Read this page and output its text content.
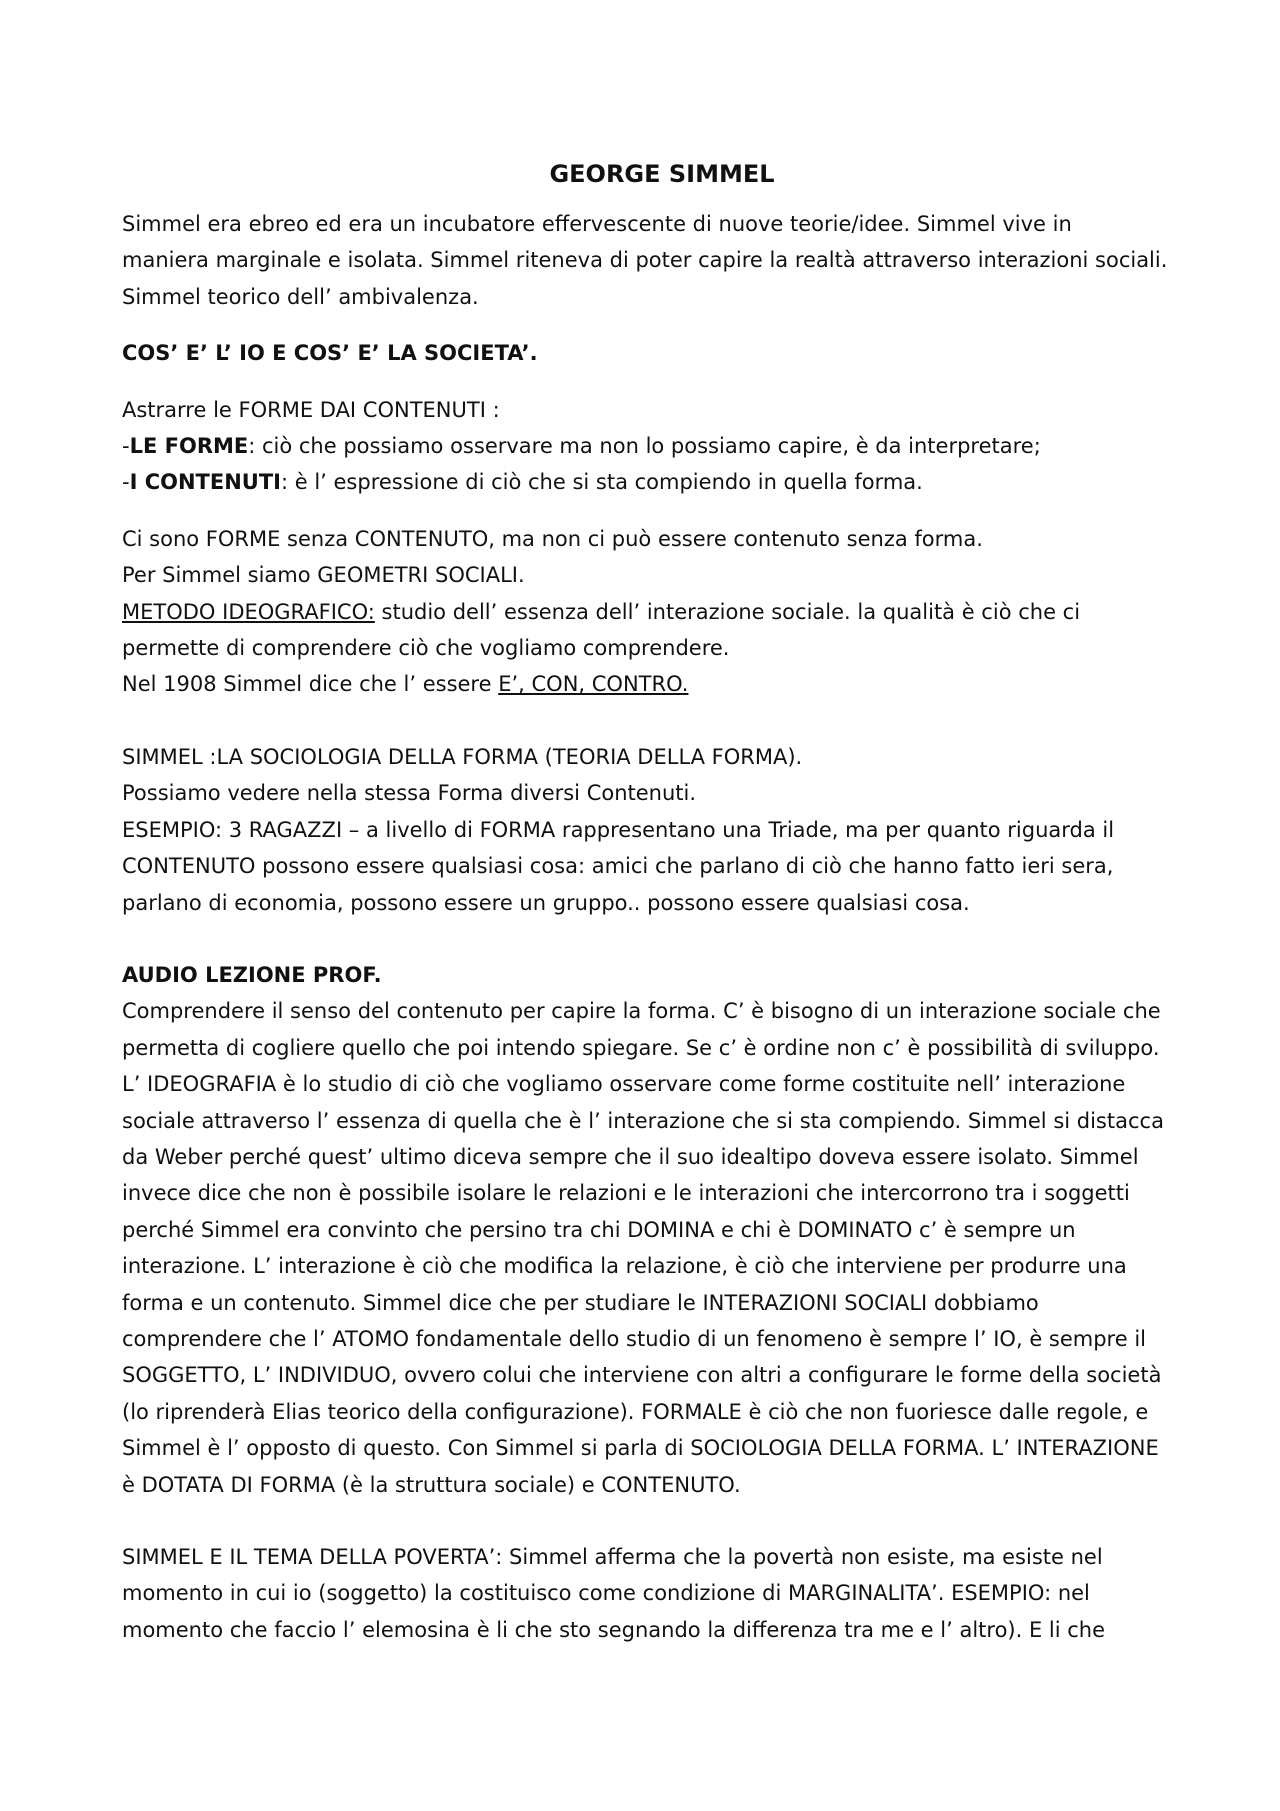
GEORGE SIMMEL
Simmel era ebreo ed era un incubatore effervescente di nuove teorie/idee. Simmel vive in
maniera marginale e isolata. Simmel riteneva di poter capire la realtà attraverso interazioni sociali.
Simmel teorico dell’ ambivalenza.
COS’ E’ L’ IO E COS’ E’ LA SOCIETA’.
Astrarre le FORME DAI CONTENUTI :
-LE FORME: ciò che possiamo osservare ma non lo possiamo capire, è da interpretare;
-I CONTENUTI: è l’ espressione di ciò che si sta compiendo in quella forma.
Ci sono FORME senza CONTENUTO, ma non ci può essere contenuto senza forma.
Per Simmel siamo GEOMETRI SOCIALI.
METODO IDEOGRAFICO: studio dell’ essenza dell’ interazione sociale. la qualità è ciò che ci
permette di comprendere ciò che vogliamo comprendere.
Nel 1908 Simmel dice che l’ essere E’, CON, CONTRO.
SIMMEL :LA SOCIOLOGIA DELLA FORMA (TEORIA DELLA FORMA).
Possiamo vedere nella stessa Forma diversi Contenuti.
ESEMPIO: 3 RAGAZZI – a livello di FORMA rappresentano una Triade, ma per quanto riguarda il
CONTENUTO possono essere qualsiasi cosa: amici che parlano di ciò che hanno fatto ieri sera,
parlano di economia, possono essere un gruppo.. possono essere qualsiasi cosa.
AUDIO LEZIONE PROF.
Comprendere il senso del contenuto per capire la forma. C’ è bisogno di un interazione sociale che
permetta di cogliere quello che poi intendo spiegare. Se c’ è ordine non c’ è possibilità di sviluppo.
L’ IDEOGRAFIA è lo studio di ciò che vogliamo osservare come forme costituite nell’ interazione
sociale attraverso l’ essenza di quella che è l’ interazione che si sta compiendo. Simmel si distacca
da Weber perché quest’ ultimo diceva sempre che il suo idealtipo doveva essere isolato. Simmel
invece dice che non è possibile isolare le relazioni e le interazioni che intercorrono tra i soggetti
perché Simmel era convinto che persino tra chi DOMINA e chi è DOMINATO c’ è sempre un
interazione. L’ interazione è ciò che modifica la relazione, è ciò che interviene per produrre una
forma e un contenuto. Simmel dice che per studiare le INTERAZIONI SOCIALI dobbiamo
comprendere che l’ ATOMO fondamentale dello studio di un fenomeno è sempre l’ IO, è sempre il
SOGGETTO, L’ INDIVIDUO, ovvero colui che interviene con altri a configurare le forme della società
(lo riprenderà Elias teorico della configurazione). FORMALE è ciò che non fuoriesce dalle regole, e
Simmel è l’ opposto di questo. Con Simmel si parla di SOCIOLOGIA DELLA FORMA. L’ INTERAZIONE
è DOTATA DI FORMA (è la struttura sociale) e CONTENUTO.
SIMMEL E IL TEMA DELLA POVERTA’: Simmel afferma che la povertà non esiste, ma esiste nel
momento in cui io (soggetto) la costituisco come condizione di MARGINALITA’. ESEMPIO: nel
momento che faccio l’ elemosina è li che sto segnando la differenza tra me e l’ altro). E li che
